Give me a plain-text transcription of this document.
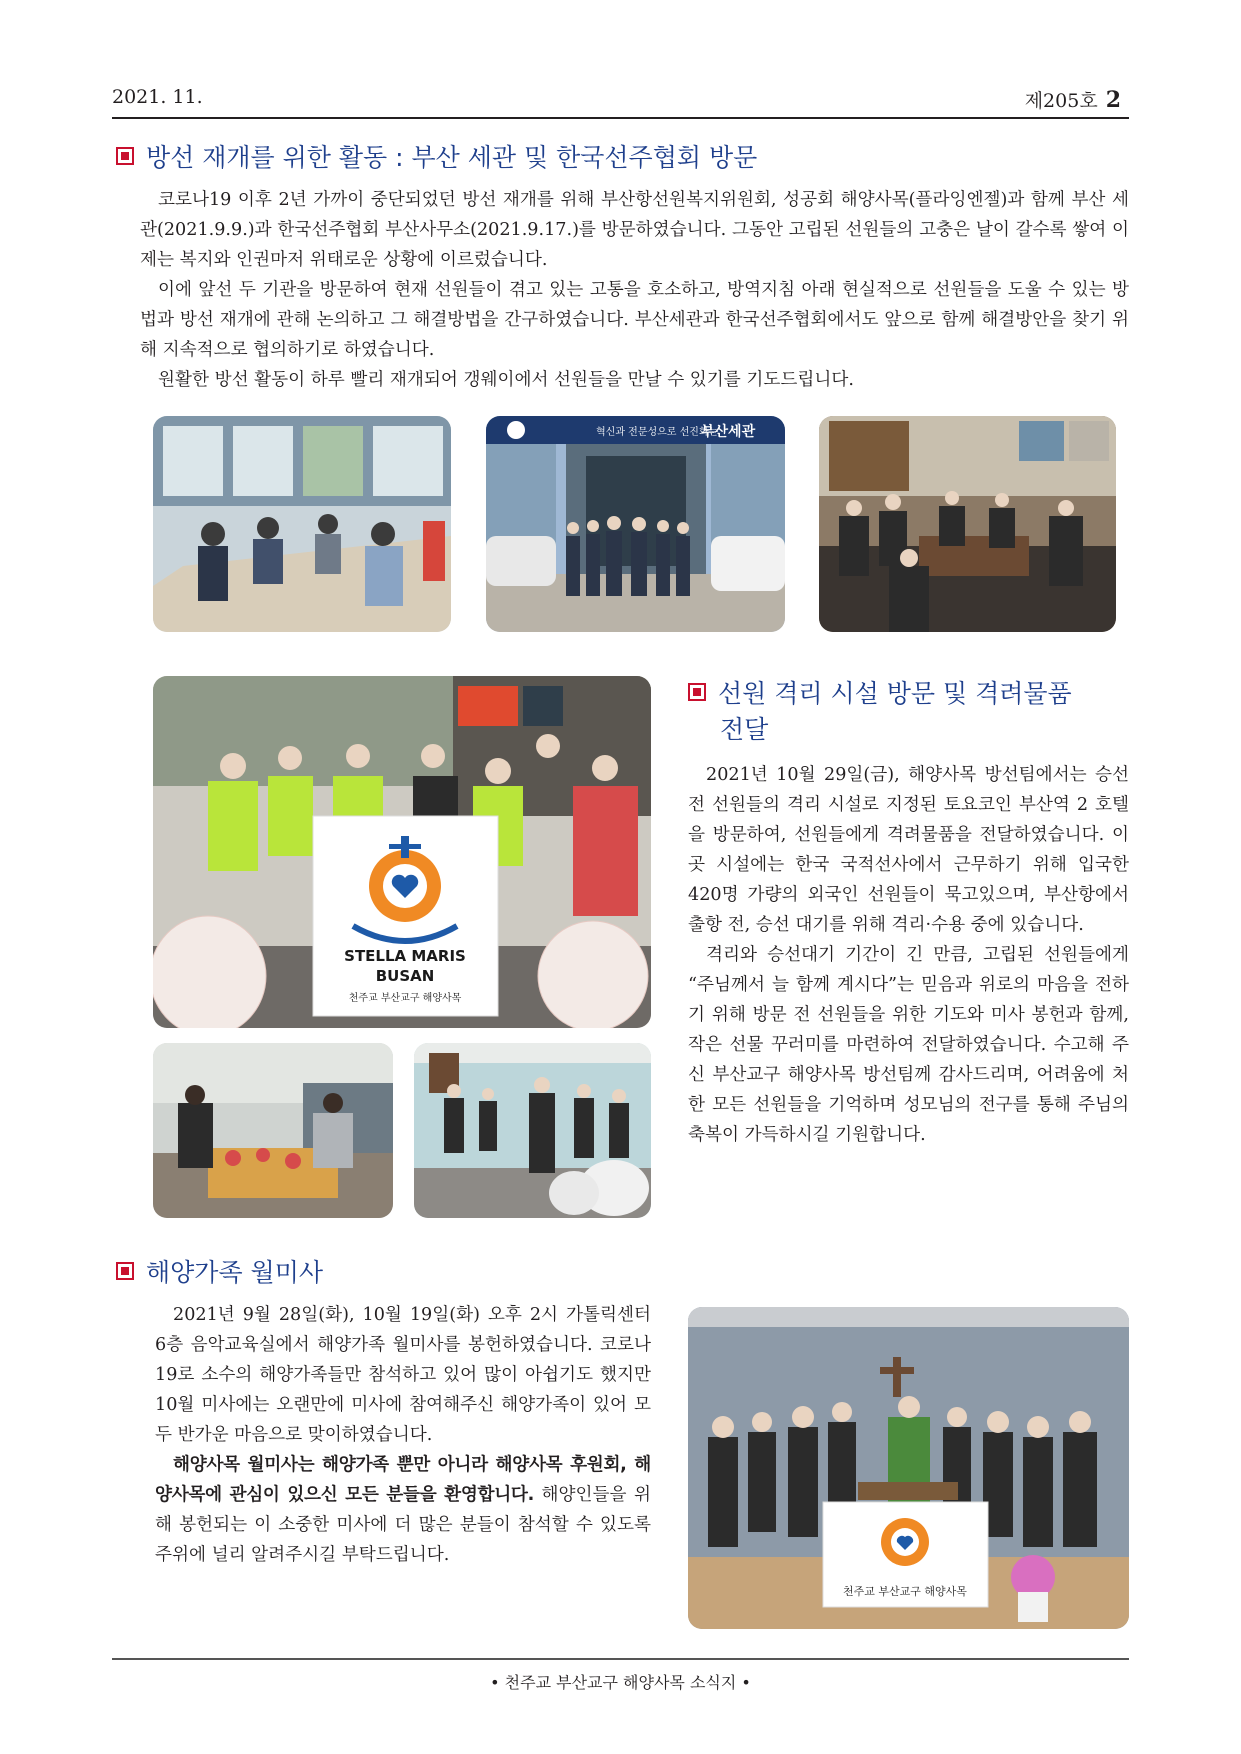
2021. 11.	제205호 2
방선 재개를 위한 활동 : 부산 세관 및 한국선주협회 방문

코로나19 이후 2년 가까이 중단되었던 방선 재개를 위해 부산항선원복지위원회, 성공회 해양사목(플라잉엔젤)과 함께 부산 세관(2021.9.9.)과 한국선주협회 부산사무소(2021.9.17.)를 방문하였습니다. 그동안 고립된 선원들의 고충은 날이 갈수록 쌓여 이제는 복지와 인권마저 위태로운 상황에 이르렀습니다.

이에 앞선 두 기관을 방문하여 현재 선원들이 겪고 있는 고통을 호소하고, 방역지침 아래 현실적으로 선원들을 도울 수 있는 방법과 방선 재개에 관해 논의하고 그 해결방법을 간구하였습니다. 부산세관과 한국선주협회에서도 앞으로 함께 해결방안을 찾기 위해 지속적으로 협의하기로 하였습니다.

원활한 방선 활동이 하루 빨리 재개되어 갱웨이에서 선원들을 만날 수 있기를 기도드립니다.

혁신과 전문성으로 선진화는
부산세관
STELLA MARIS
BUSAN
천주교 부산교구 해양사목
선원 격리 시설 방문 및 격려물품
전달

2021년 10월 29일(금), 해양사목 방선팀에서는 승선 전 선원들의 격리 시설로 지정된 토요코인 부산역 2 호텔을 방문하여, 선원들에게 격려물품을 전달하였습니다. 이곳 시설에는 한국 국적선사에서 근무하기 위해 입국한 420명 가량의 외국인 선원들이 묵고있으며, 부산항에서 출항 전, 승선 대기를 위해 격리·수용 중에 있습니다.

격리와 승선대기 기간이 긴 만큼, 고립된 선원들에게 “주님께서 늘 함께 계시다”는 믿음과 위로의 마음을 전하기 위해 방문 전 선원들을 위한 기도와 미사 봉헌과 함께, 작은 선물 꾸러미를 마련하여 전달하였습니다. 수고해 주신 부산교구 해양사목 방선팀께 감사드리며, 어려움에 처한 모든 선원들을 기억하며 성모님의 전구를 통해 주님의 축복이 가득하시길 기원합니다.

해양가족 월미사

2021년 9월 28일(화), 10월 19일(화) 오후 2시 가톨릭센터 6층 음악교육실에서 해양가족 월미사를 봉헌하였습니다. 코로나19로 소수의 해양가족들만 참석하고 있어 많이 아쉽기도 했지만 10월 미사에는 오랜만에 미사에 참여해주신 해양가족이 있어 모두 반가운 마음으로 맞이하였습니다.

해양사목 월미사는 해양가족 뿐만 아니라 해양사목 후원회, 해양사목에 관심이 있으신 모든 분들을 환영합니다. 해양인들을 위해 봉헌되는 이 소중한 미사에 더 많은 분들이 참석할 수 있도록 주위에 널리 알려주시길 부탁드립니다.

천주교 부산교구 해양사목
• 천주교 부산교구 해양사목 소식지 •
